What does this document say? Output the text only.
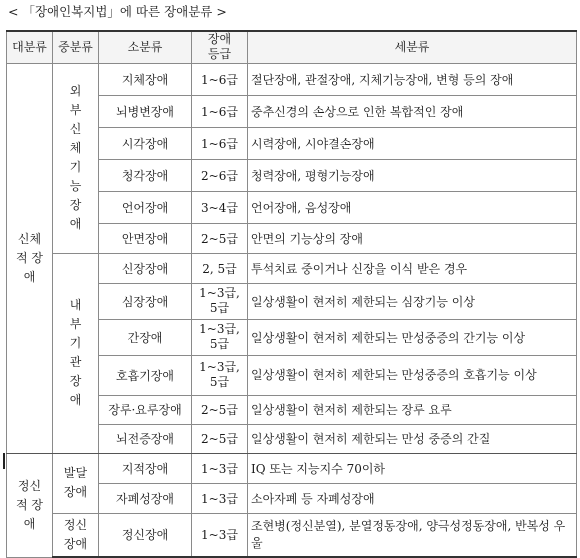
< 「장애인복지법」에 따른 장애분류 >
대분류	중분류	소분류	장애 등급	세분류
신체적 장애	외부 신체 기능 장애	지체장애	1~6급	절단장애, 관절장애, 지체기능장애, 변형 등의 장애
		뇌병변장애	1~6급	중추신경의 손상으로 인한 복합적인 장애
		시각장애	1~6급	시력장애, 시야결손장애
		청각장애	2~6급	청력장애, 평형기능장애
		언어장애	3~4급	언어장애, 음성장애
		안면장애	2~5급	안면의 기능상의 장애
	내부 기관 장애	신장장애	2, 5급	투석치료 중이거나 신장을 이식 받은 경우
		심장장애	1~3급, 5급	일상생활이 현저히 제한되는 심장기능 이상
		간장애	1~3급, 5급	일상생활이 현저히 제한되는 만성중증의 간기능 이상
		호흡기장애	1~3급, 5급	일상생활이 현저히 제한되는 만성중증의 호흡기능 이상
		장루·요루장애	2~5급	일상생활이 현저히 제한되는 장루 요루
		뇌전증장애	2~5급	일상생활이 현저히 제한되는 만성 중증의 간질
정신적 장애	발달 장애	지적장애	1~3급	IQ 또는 지능지수 70이하
		자폐성장애	1~3급	소아자폐 등 자폐성장애
	정신 장애	정신장애	1~3급	조현병(정신분열), 분열정동장애, 양극성정동장애, 반복성 우울
